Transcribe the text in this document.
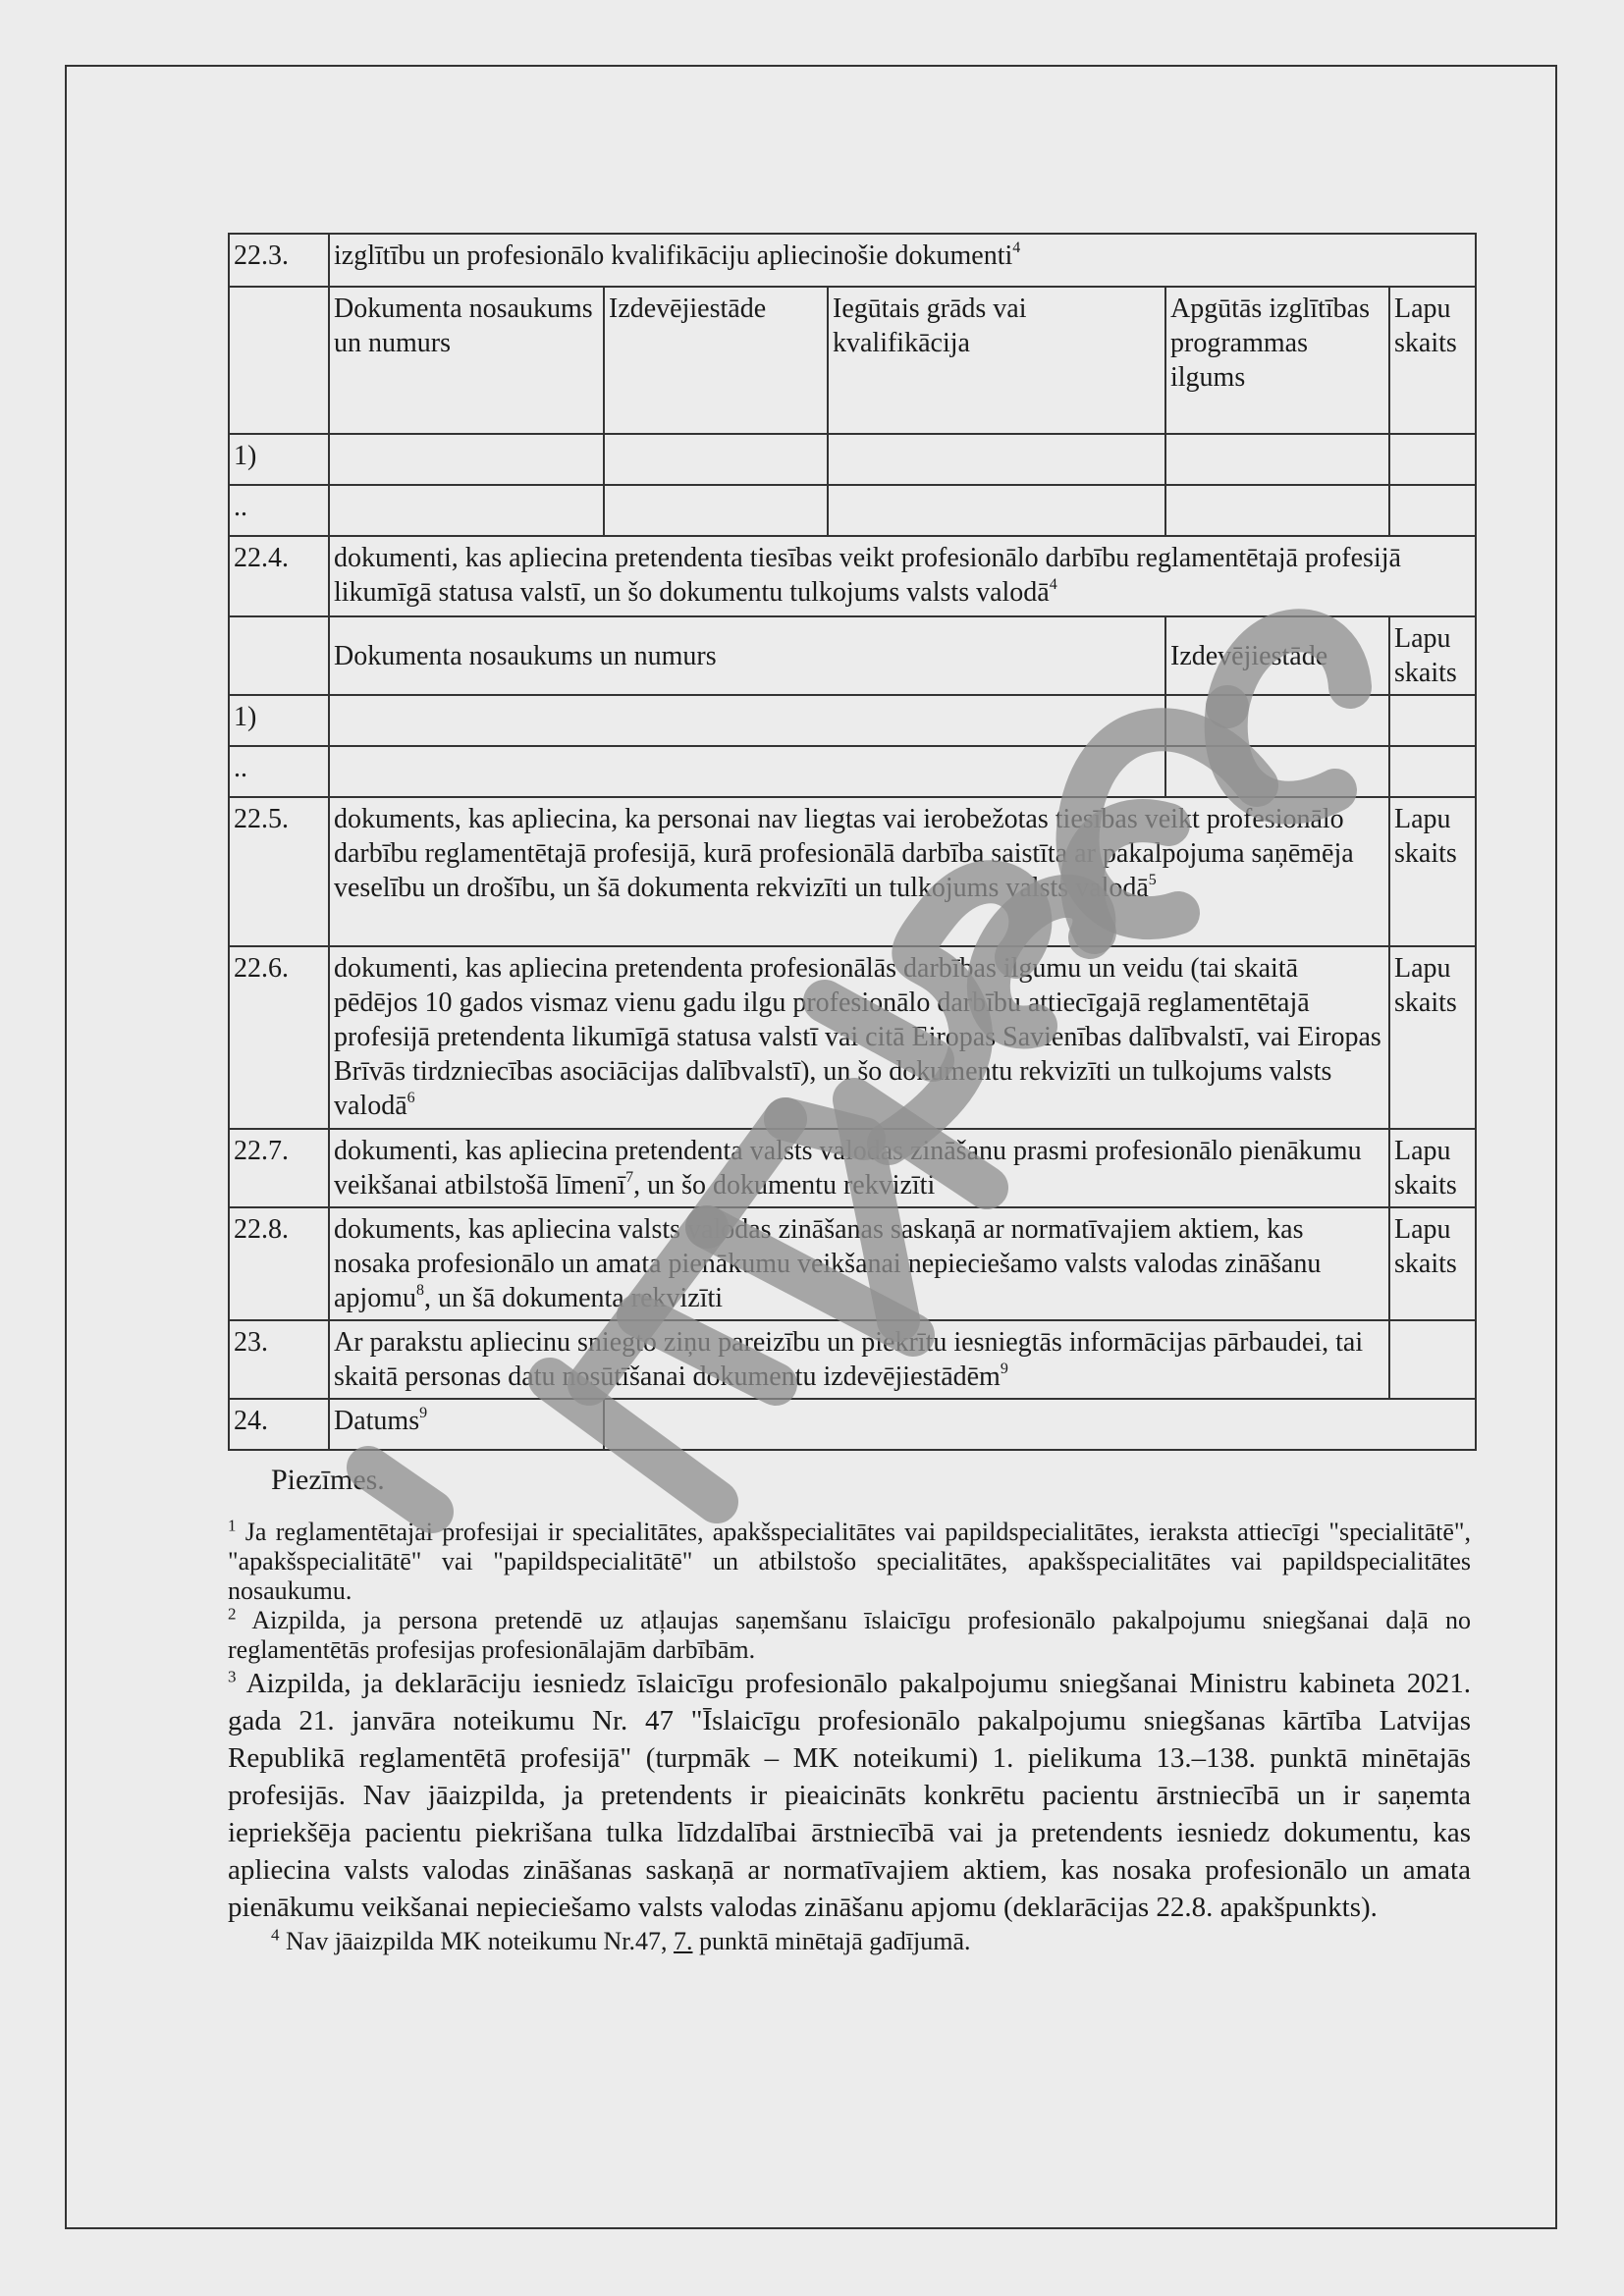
22.3.	izglītību un profesionālo kvalifikāciju apliecinošie dokumenti$^4$
	Dokumenta nosaukums un numurs	Izdevējiestāde	Iegūtais grāds vai kvalifikācija	Apgūtās izglītības programmas ilgums	Lapu skaits
1)					
..					
22.4.	dokumenti, kas apliecina pretendenta tiesības veikt profesionālo darbību reglamentētajā profesijā likumīgā statusa valstī, un šo dokumentu tulkojums valsts valodā$^4$
	Dokumenta nosaukums un numurs			Izdevējiestāde	Lapu skaits
1)					
..					
22.5.	dokuments, kas apliecina, ka personai nav liegtas vai ierobežotas tiesības veikt profesionālo darbību reglamentētajā profesijā, kurā profesionālā darbība saistīta ar pakalpojuma saņēmēja veselību un drošību, un šā dokumenta rekvizīti un tulkojums valsts valodā$^5$				Lapu skaits
22.6.	dokumenti, kas apliecina pretendenta profesionālās darbības ilgumu un veidu (tai skaitā pēdējos 10 gados vismaz vienu gadu ilgu profesionālo darbību attiecīgajā reglamentētajā profesijā pretendenta likumīgā statusa valstī vai citā Eiropas Savienības dalībvalstī, vai Eiropas Brīvās tirdzniecības asociācijas dalībvalstī), un šo dokumentu rekvizīti un tulkojums valsts valodā$^6$				Lapu skaits
22.7.	dokumenti, kas apliecina pretendenta valsts valodas zināšanu prasmi profesionālo pienākumu veikšanai atbilstošā līmenī$^7$, un šo dokumentu rekvizīti				Lapu skaits
22.8.	dokuments, kas apliecina valsts valodas zināšanas saskaņā ar normatīvajiem aktiem, kas nosaka profesionālo un amata pienākumu veikšanai nepieciešamo valsts valodas zināšanu apjomu$^8$, un šā dokumenta rekvizīti				Lapu skaits
23.	Ar parakstu apliecinu sniegto ziņu pareizību un piekrītu iesniegtās informācijas pārbaudei, tai skaitā personas datu nosūtīšanai dokumentu izdevējiestādēm$^9$	
24.	Datums$^9$	
Piezīmes.

$^1$ Ja reglamentētajai profesijai ir specialitātes, apakšspecialitātes vai papildspecialitātes, ieraksta attiecīgi "specialitātē", "apakšspecialitātē" vai "papildspecialitātē" un atbilstošo specialitātes, apakšspecialitātes vai papildspecialitātes nosaukumu.

$^2$ Aizpilda, ja persona pretendē uz atļaujas saņemšanu īslaicīgu profesionālo pakalpojumu sniegšanai daļā no reglamentētās profesijas profesionālajām darbībām.

$^3$ Aizpilda, ja deklarāciju iesniedz īslaicīgu profesionālo pakalpojumu sniegšanai Ministru kabineta 2021. gada 21. janvāra noteikumu Nr. 47 "Īslaicīgu profesionālo pakalpojumu sniegšanas kārtība Latvijas Republikā reglamentētā profesijā" (turpmāk – MK noteikumi) 1. pielikuma 13.–138. punktā minētajās profesijās. Nav jāaizpilda, ja pretendents ir pieaicināts konkrētu pacientu ārstniecībā un ir saņemta iepriekšēja pacientu piekrišana tulka līdzdalībai ārstniecībā vai ja pretendents iesniedz dokumentu, kas apliecina valsts valodas zināšanas saskaņā ar normatīvajiem aktiem, kas nosaka profesionālo un amata pienākumu veikšanai nepieciešamo valsts valodas zināšanu apjomu (deklarācijas 22.8. apakšpunkts).

$^4$ Nav jāaizpilda MK noteikumu Nr.47, 7. punktā minētajā gadījumā.

IEA Sneśc
